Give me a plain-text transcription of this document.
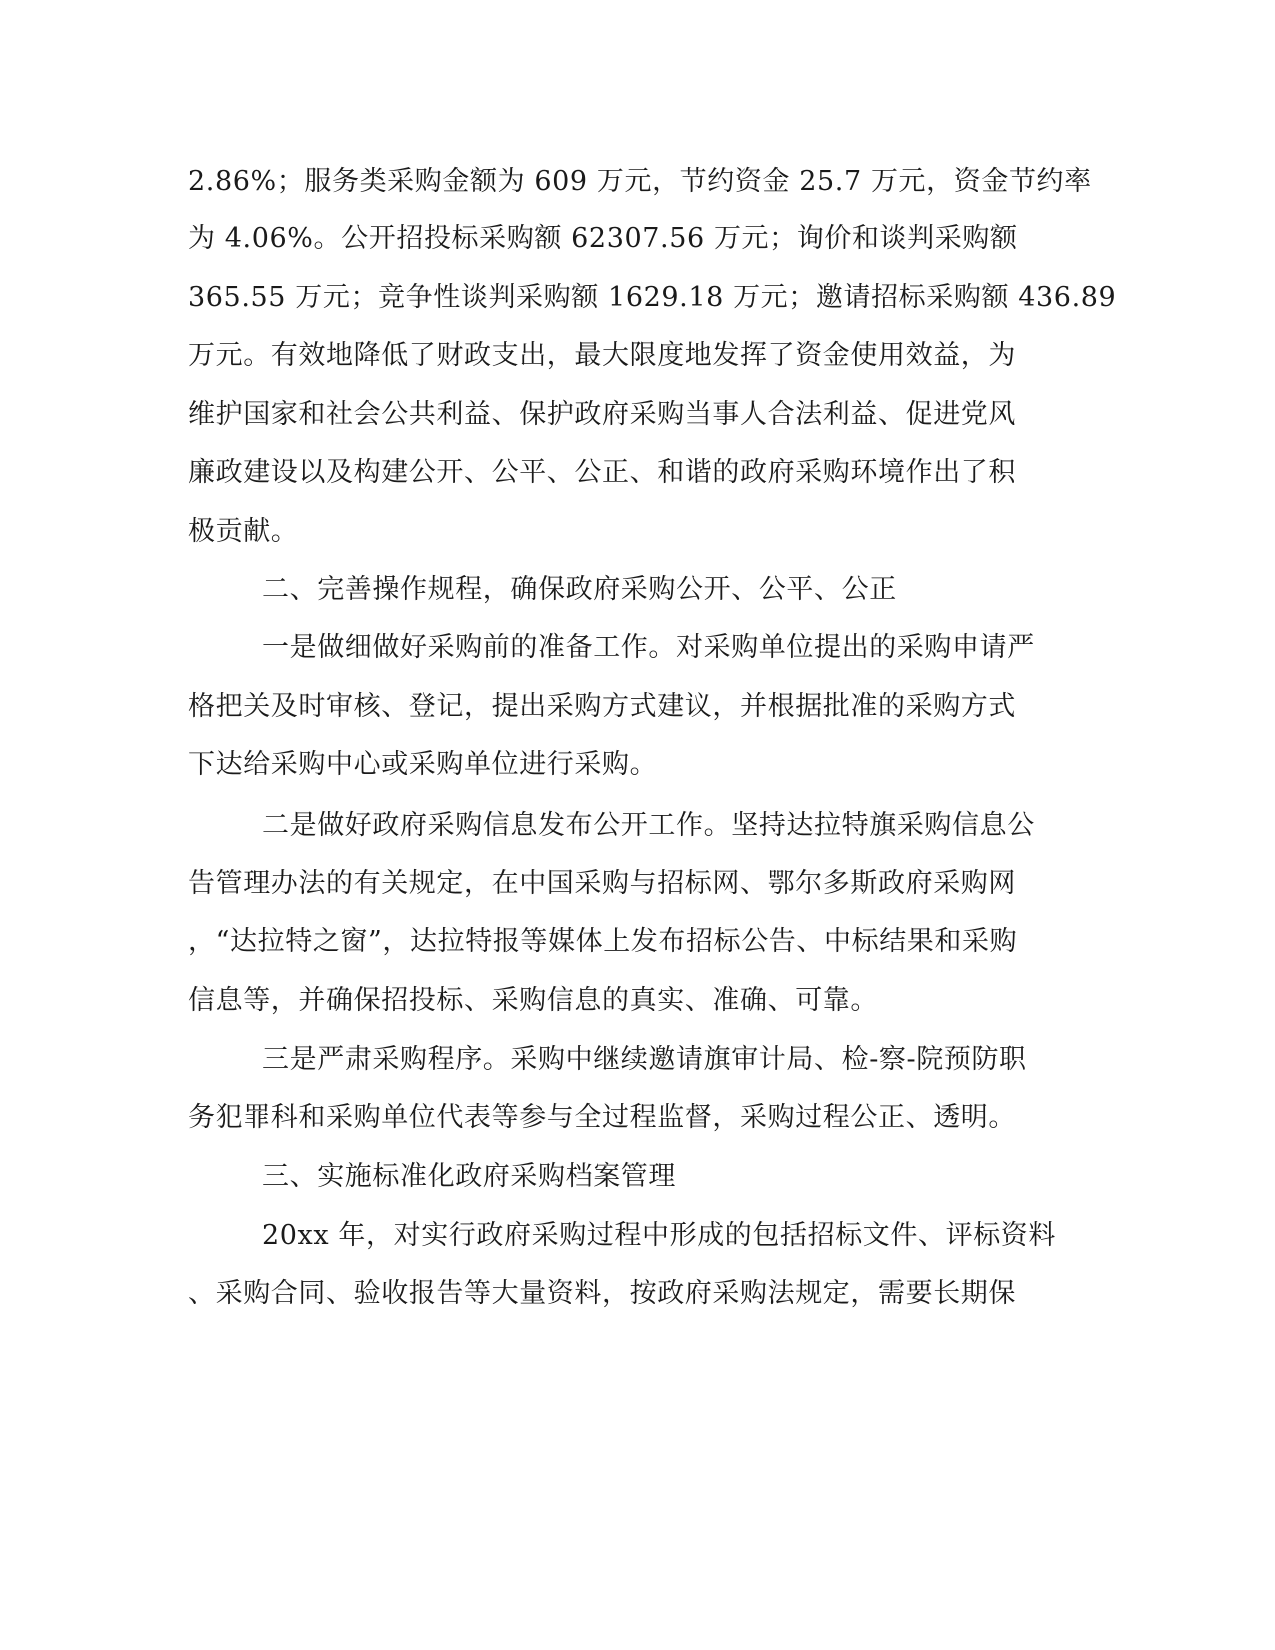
2.86%；服务类采购金额为 609 万元，节约资金 25.7 万元，资金节约率
为 4.06%。公开招投标采购额 62307.56 万元；询价和谈判采购额
365.55 万元；竞争性谈判采购额 1629.18 万元；邀请招标采购额 436.89
万元。有效地降低了财政支出，最大限度地发挥了资金使用效益，为
维护国家和社会公共利益、保护政府采购当事人合法利益、促进党风
廉政建设以及构建公开、公平、公正、和谐的政府采购环境作出了积
极贡献。
二、完善操作规程，确保政府采购公开、公平、公正
一是做细做好采购前的准备工作。对采购单位提出的采购申请严
格把关及时审核、登记，提出采购方式建议，并根据批准的采购方式
下达给采购中心或采购单位进行采购。
二是做好政府采购信息发布公开工作。坚持达拉特旗采购信息公
告管理办法的有关规定，在中国采购与招标网、鄂尔多斯政府采购网
，“达拉特之窗”，达拉特报等媒体上发布招标公告、中标结果和采购
信息等，并确保招投标、采购信息的真实、准确、可靠。
三是严肃采购程序。采购中继续邀请旗审计局、检-察-院预防职
务犯罪科和采购单位代表等参与全过程监督，采购过程公正、透明。
三、实施标准化政府采购档案管理
20xx 年，对实行政府采购过程中形成的包括招标文件、评标资料
、采购合同、验收报告等大量资料，按政府采购法规定，需要长期保
